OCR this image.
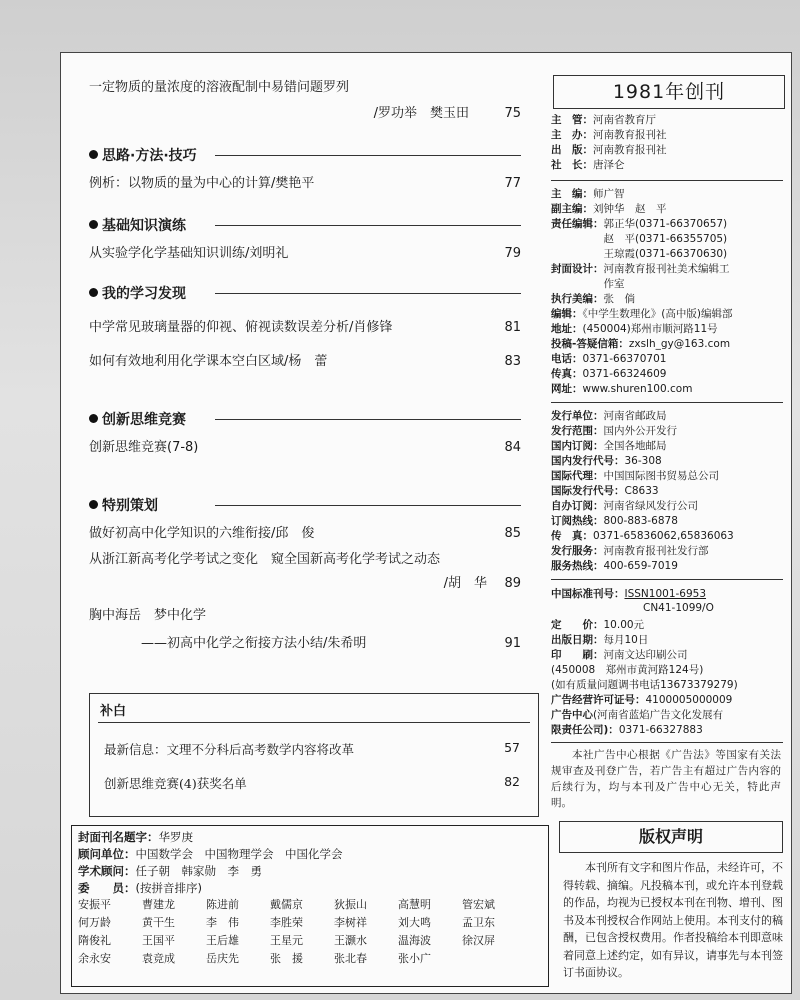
一定物质的量浓度的溶液配制中易错问题罗列
/罗功举　樊玉田	75

思路·方法·技巧
例析：以物质的量为中心的计算/樊艳平	77
基础知识演练
从实验学化学基础知识训练/刘明礼	79
我的学习发现
中学常见玻璃量器的仰视、俯视读数误差分析/肖修锋	81
如何有效地利用化学课本空白区域/杨　蕾	83
创新思维竞赛
创新思维竞赛(7-8)	84
特别策划
做好初高中化学知识的六维衔接/邱　俊	85
从浙江新高考化学考试之变化　窥全国新高考化学考试之动态
/胡　华 89

胸中海岳　梦中化学
——初高中化学之衔接方法小结/朱希明	91
补白
最新信息：文理不分科后高考数学内容将改革	57
创新思维竞赛(4)获奖名单	82
封面刊名题字：华罗庚
顾问单位：中国数学会　中国物理学会　中国化学会
学术顾问：任子朝　韩家勋　李　勇
委　　员：(按拼音排序)
安振平	曹建龙	陈进前	戴儒京	狄振山	高慧明	管宏斌
何万龄	黄干生	李　伟	李胜荣	李树祥	刘大鸣	孟卫东
隋俊礼	王国平	王后雄	王星元	王灏水	温海波	徐汉屏
余永安	袁竞成	岳庆先	张　援	张北春	张小广
1981年创刊
主　管：河南省教育厅
主　办：河南教育报刊社
出　版：河南教育报刊社
社　长：唐泽仑
主　编：师广智
副主编：刘钟华　赵　平
责任编辑：郭正华(0371-66370657)
　　　　　赵　平(0371-66355705)
　　　　　王琼霞(0371-66370630)
封面设计：河南教育报刊社美术编辑工
　　　　　作室
执行美编：张　倘
编辑：《中学生数理化》(高中版)编辑部
地址：(450004)郑州市顺河路11号
投稿-答疑信箱：zxslh_gy@163.com
电话：0371-66370701
传真：0371-66324609
网址：www.shuren100.com
发行单位：河南省邮政局
发行范围：国内外公开发行
国内订阅：全国各地邮局
国内发行代号：36-308
国际代理：中国国际图书贸易总公司
国际发行代号：C8633
自办订阅：河南省绿风发行公司
订阅热线：800-883-6878
传　真：0371-65836062,65836063
发行服务：河南教育报刊社发行部
服务热线：400-659-7019
中国标准刊号：ISSN1001-6953
CN41-1099/O
定　　价：10.00元
出版日期：每月10日
印　　刷：河南文达印刷公司
(450008　郑州市黄河路124号)
(如有质量问题调书电话13673379279)
广告经营许可证号：4100005000009
广告中心(河南省蓝焰广告文化发展有
限责任公司)：0371-66327883
本社广告中心根据《广告法》等国家有关法规审查及刊登广告，若广告主有超过广告内容的后续行为，均与本刊及广告中心无关，特此声明。
版权声明
本刊所有文字和图片作品，未经许可，不得转载、摘编。凡投稿本刊，或允许本刊登载的作品，均视为已授权本刊在刊物、增刊、图书及本刊授权合作网站上使用。本刊支付的稿酬，已包含授权费用。作者投稿给本刊即意味着同意上述约定，如有异议，请事先与本刊签订书面协议。
